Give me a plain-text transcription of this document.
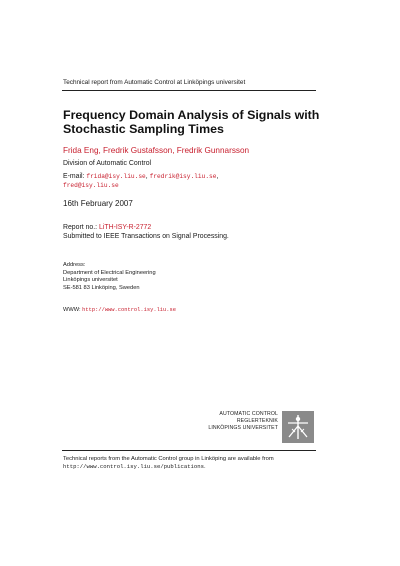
Technical report from Automatic Control at Linköpings universitet
Frequency Domain Analysis of Signals with
Stochastic Sampling Times
Frida Eng, Fredrik Gustafsson, Fredrik Gunnarsson
Division of Automatic Control
E-mail: frida@isy.liu.se, fredrik@isy.liu.se,
fred@isy.liu.se
16th February 2007
Report no.: LiTH-ISY-R-2772
Submitted to IEEE Transactions on Signal Processing.
Address:
Department of Electrical Engineering
Linköpings universitet
SE-581 83 Linköping, Sweden
WWW: http://www.control.isy.liu.se
AUTOMATIC CONTROL
REGLERTEKNIK
LINKÖPINGS UNIVERSITET
Technical reports from the Automatic Control group in Linköping are available from
http://www.control.isy.liu.se/publications.
